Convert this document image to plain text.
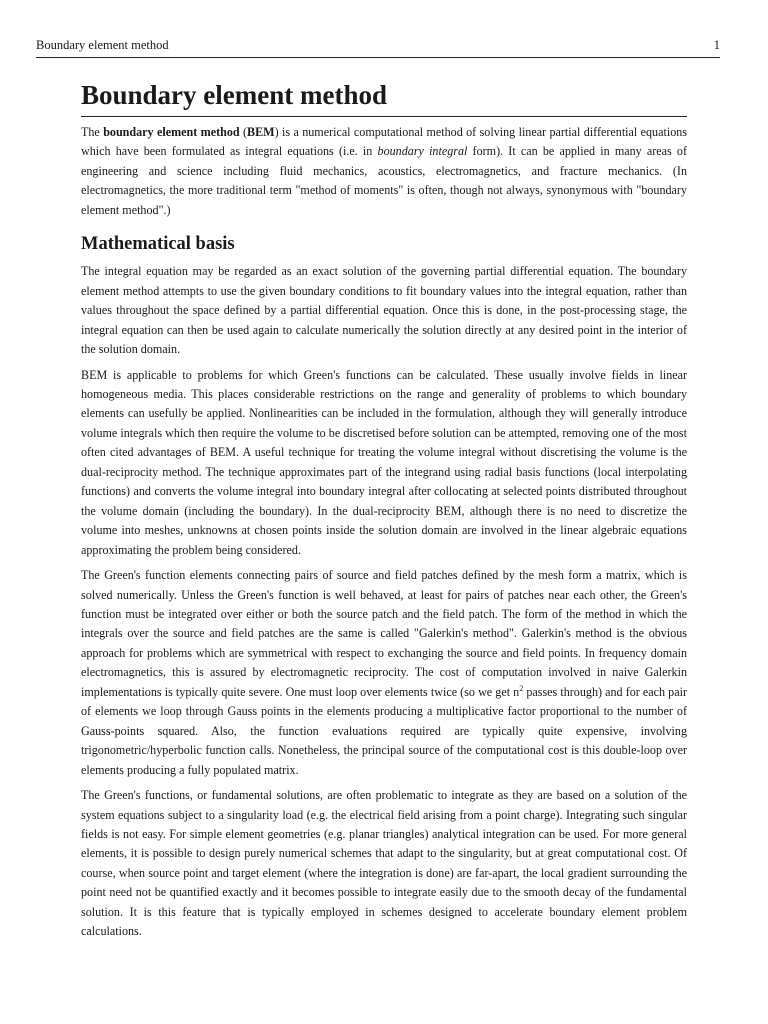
Boundary element method	1
Boundary element method

The boundary element method (BEM) is a numerical computational method of solving linear partial differential equations which have been formulated as integral equations (i.e. in boundary integral form). It can be applied in many areas of engineering and science including fluid mechanics, acoustics, electromagnetics, and fracture mechanics. (In electromagnetics, the more traditional term "method of moments" is often, though not always, synonymous with "boundary element method".)

Mathematical basis

The integral equation may be regarded as an exact solution of the governing partial differential equation. The boundary element method attempts to use the given boundary conditions to fit boundary values into the integral equation, rather than values throughout the space defined by a partial differential equation. Once this is done, in the post-processing stage, the integral equation can then be used again to calculate numerically the solution directly at any desired point in the interior of the solution domain.

BEM is applicable to problems for which Green's functions can be calculated. These usually involve fields in linear homogeneous media. This places considerable restrictions on the range and generality of problems to which boundary elements can usefully be applied. Nonlinearities can be included in the formulation, although they will generally introduce volume integrals which then require the volume to be discretised before solution can be attempted, removing one of the most often cited advantages of BEM. A useful technique for treating the volume integral without discretising the volume is the dual-reciprocity method. The technique approximates part of the integrand using radial basis functions (local interpolating functions) and converts the volume integral into boundary integral after collocating at selected points distributed throughout the volume domain (including the boundary). In the dual-reciprocity BEM, although there is no need to discretize the volume into meshes, unknowns at chosen points inside the solution domain are involved in the linear algebraic equations approximating the problem being considered.

The Green's function elements connecting pairs of source and field patches defined by the mesh form a matrix, which is solved numerically. Unless the Green's function is well behaved, at least for pairs of patches near each other, the Green's function must be integrated over either or both the source patch and the field patch. The form of the method in which the integrals over the source and field patches are the same is called "Galerkin's method". Galerkin's method is the obvious approach for problems which are symmetrical with respect to exchanging the source and field points. In frequency domain electromagnetics, this is assured by electromagnetic reciprocity. The cost of computation involved in naive Galerkin implementations is typically quite severe. One must loop over elements twice (so we get $n^2$ passes through) and for each pair of elements we loop through Gauss points in the elements producing a multiplicative factor proportional to the number of Gauss-points squared. Also, the function evaluations required are typically quite expensive, involving trigonometric/hyperbolic function calls. Nonetheless, the principal source of the computational cost is this double-loop over elements producing a fully populated matrix.

The Green's functions, or fundamental solutions, are often problematic to integrate as they are based on a solution of the system equations subject to a singularity load (e.g. the electrical field arising from a point charge). Integrating such singular fields is not easy. For simple element geometries (e.g. planar triangles) analytical integration can be used. For more general elements, it is possible to design purely numerical schemes that adapt to the singularity, but at great computational cost. Of course, when source point and target element (where the integration is done) are far-apart, the local gradient surrounding the point need not be quantified exactly and it becomes possible to integrate easily due to the smooth decay of the fundamental solution. It is this feature that is typically employed in schemes designed to accelerate boundary element problem calculations.
